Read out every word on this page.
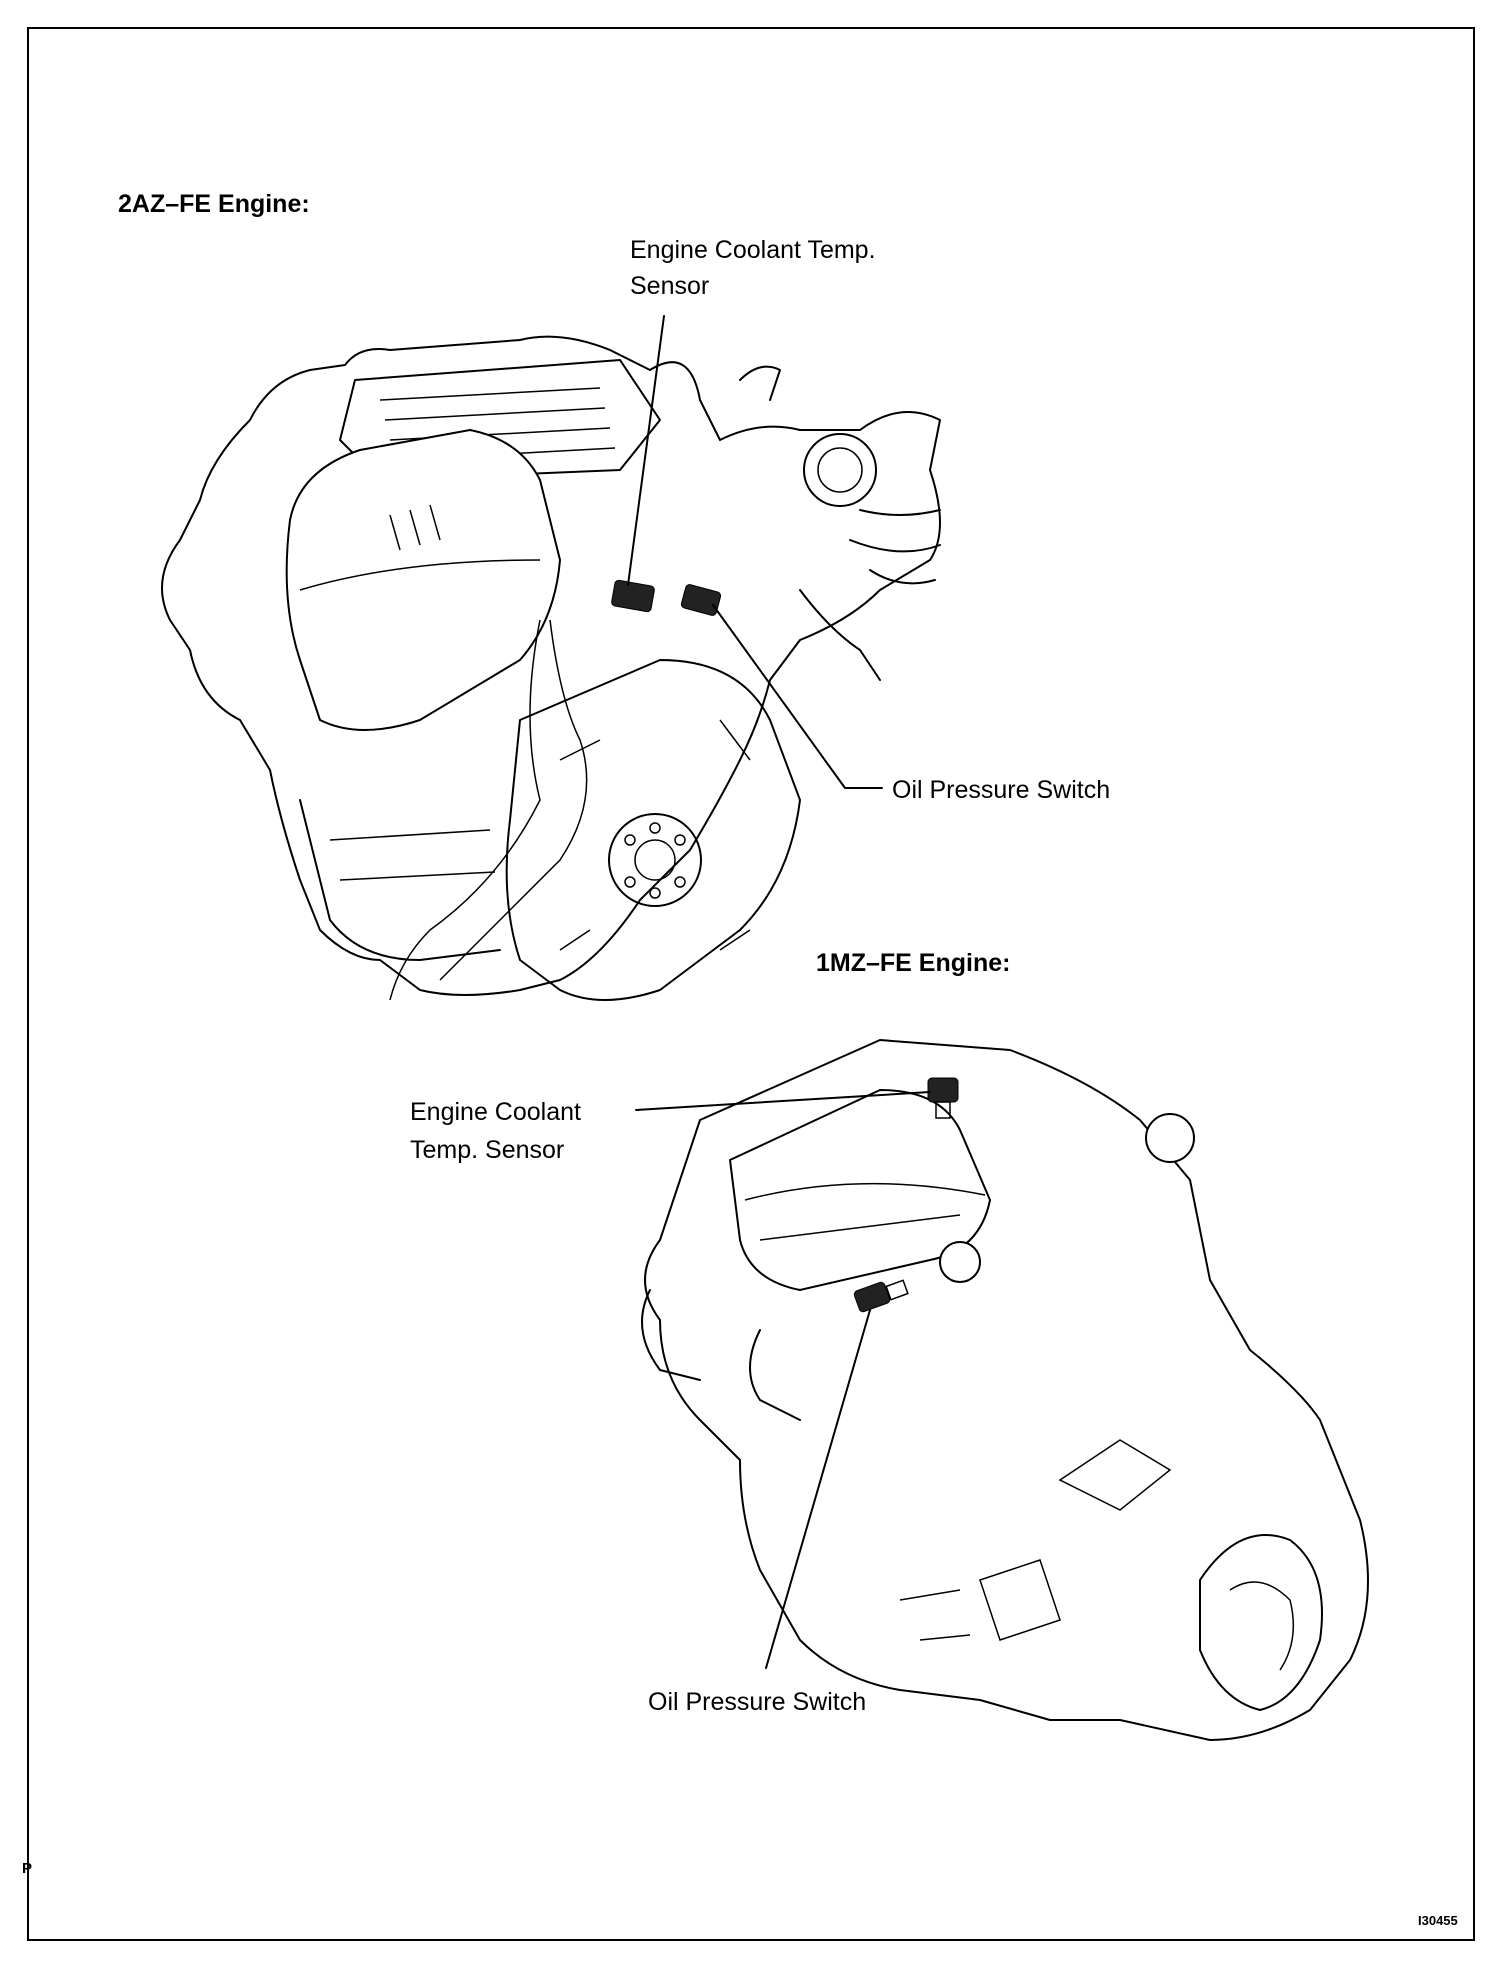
2AZ–FE Engine:
Engine Coolant Temp.
Sensor
Oil Pressure Switch
1MZ–FE Engine:
Engine Coolant
Temp. Sensor
Oil Pressure Switch
P
I30455
